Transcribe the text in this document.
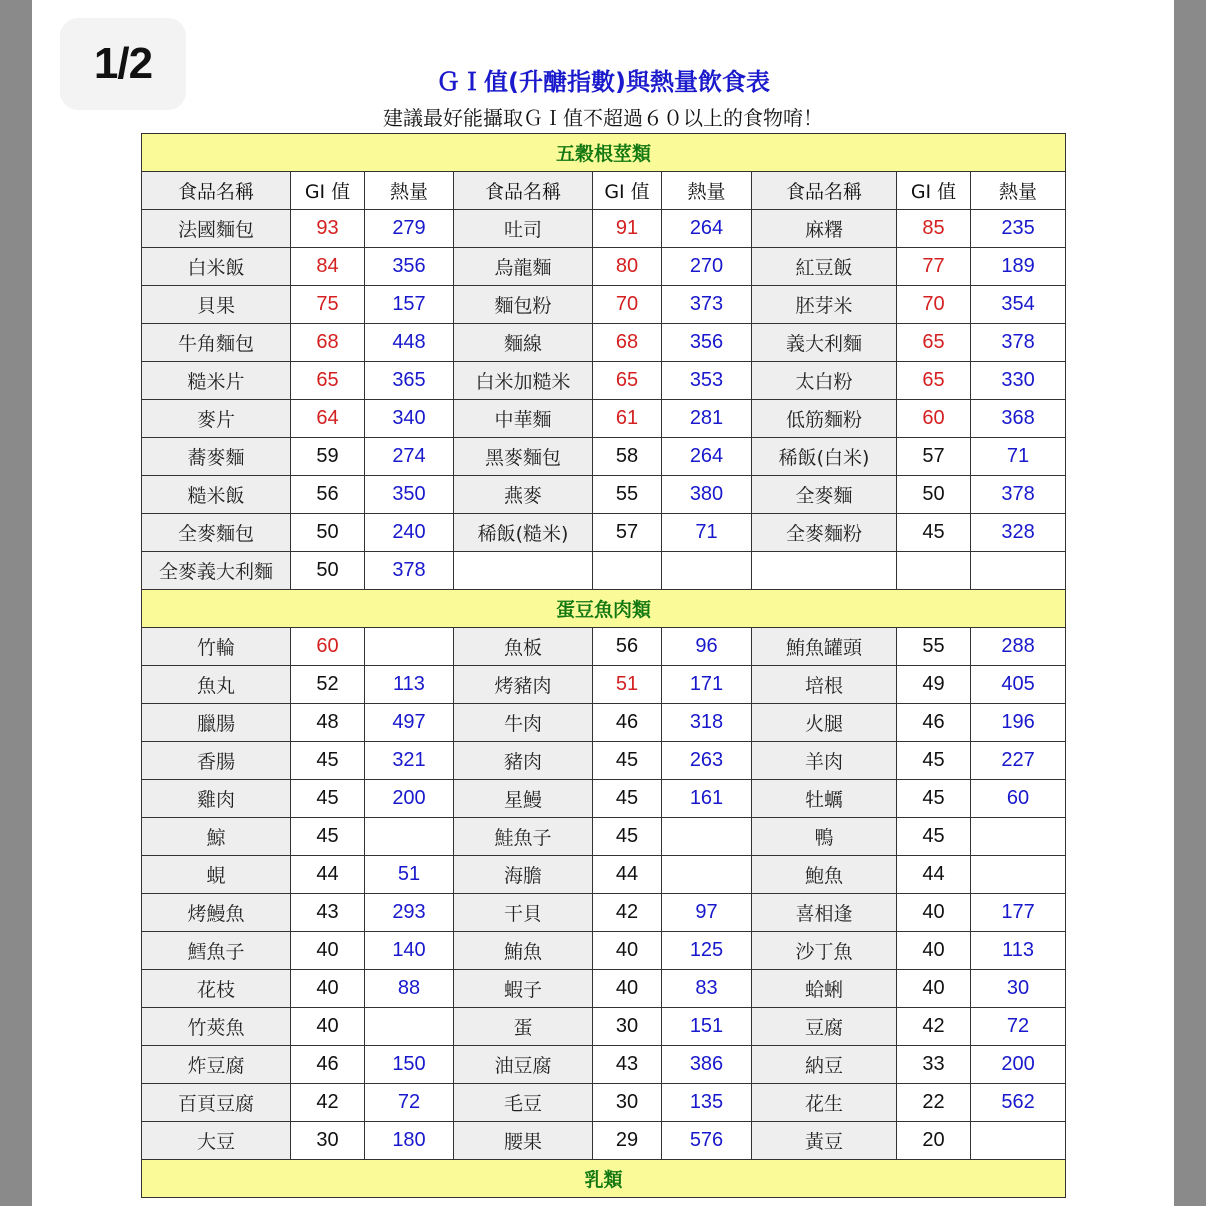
1/2	ＧＩ值(升醣指數)與熱量飲食表
建議最好能攝取ＧＩ值不超過６０以上的食物唷！
五穀根莖類								
食品名稱	GI 值	熱量	食品名稱	GI 值	熱量	食品名稱	GI 值	熱量
法國麵包	93	279	吐司	91	264	麻糬	85	235
白米飯	84	356	烏龍麵	80	270	紅豆飯	77	189
貝果	75	157	麵包粉	70	373	胚芽米	70	354
牛角麵包	68	448	麵線	68	356	義大利麵	65	378
糙米片	65	365	白米加糙米	65	353	太白粉	65	330
麥片	64	340	中華麵	61	281	低筋麵粉	60	368
蕎麥麵	59	274	黑麥麵包	58	264	稀飯(白米)	57	71
糙米飯	56	350	燕麥	55	380	全麥麵	50	378
全麥麵包	50	240	稀飯(糙米)	57	71	全麥麵粉	45	328
全麥義大利麵	50	378						
蛋豆魚肉類								
竹輪	60		魚板	56	96	鮪魚罐頭	55	288
魚丸	52	113	烤豬肉	51	171	培根	49	405
臘腸	48	497	牛肉	46	318	火腿	46	196
香腸	45	321	豬肉	45	263	羊肉	45	227
雞肉	45	200	星鰻	45	161	牡蠣	45	60
鯨	45		鮭魚子	45		鴨	45	
蜆	44	51	海膽	44		鮑魚	44	
烤鰻魚	43	293	干貝	42	97	喜相逢	40	177
鱈魚子	40	140	鮪魚	40	125	沙丁魚	40	113
花枝	40	88	蝦子	40	83	蛤蜊	40	30
竹莢魚	40		蛋	30	151	豆腐	42	72
炸豆腐	46	150	油豆腐	43	386	納豆	33	200
百頁豆腐	42	72	毛豆	30	135	花生	22	562
大豆	30	180	腰果	29	576	黃豆	20	
乳類								
